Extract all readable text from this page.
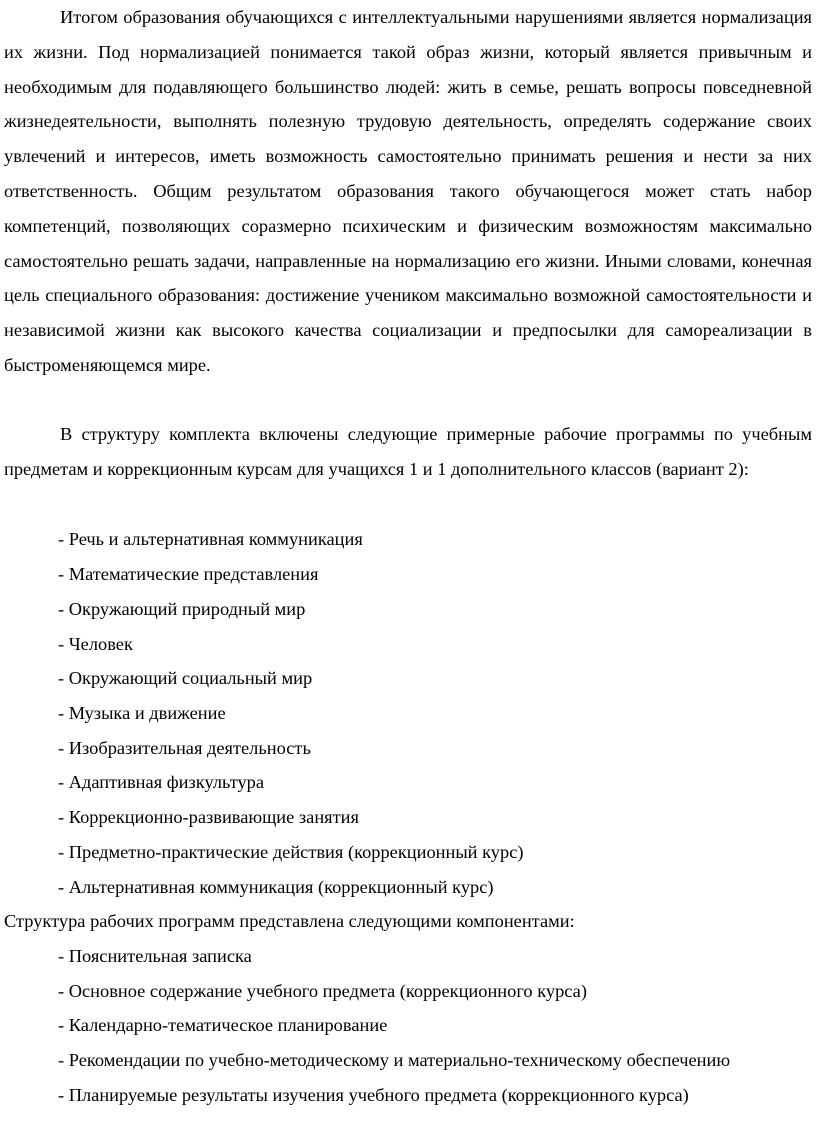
Итогом образования обучающихся с интеллектуальными нарушениями является нормализация их жизни. Под нормализацией понимается такой образ жизни, который является привычным и необходимым для подавляющего большинство людей: жить в семье, решать вопросы повседневной жизнедеятельности, выполнять полезную трудовую деятельность, определять содержание своих увлечений и интересов, иметь возможность самостоятельно принимать решения и нести за них ответственность. Общим результатом образования такого обучающегося может стать набор компетенций, позволяющих соразмерно психическим и физическим возможностям максимально самостоятельно решать задачи, направленные на нормализацию его жизни. Иными словами, конечная цель специального образования: достижение учеником максимально возможной самостоятельности и независимой жизни как высокого качества социализации и предпосылки для самореализации в быстроменяющемся мире.

В структуру комплекта включены следующие примерные рабочие программы по учебным предметам и коррекционным курсам для учащихся 1 и 1 дополнительного классов (вариант 2):

- Речь и альтернативная коммуникация
- Математические представления
- Окружающий природный мир
- Человек
- Окружающий социальный мир
- Музыка и движение
- Изобразительная деятельность
- Адаптивная физкультура
- Коррекционно-развивающие занятия
- Предметно-практические действия (коррекционный курс)
- Альтернативная коммуникация (коррекционный курс)

Структура рабочих программ представлена следующими компонентами:

- Пояснительная записка
- Основное содержание учебного предмета (коррекционного курса)
- Календарно-тематическое планирование
- Рекомендации по учебно-методическому и материально-техническому обеспечению
- Планируемые результаты изучения учебного предмета (коррекционного курса)
